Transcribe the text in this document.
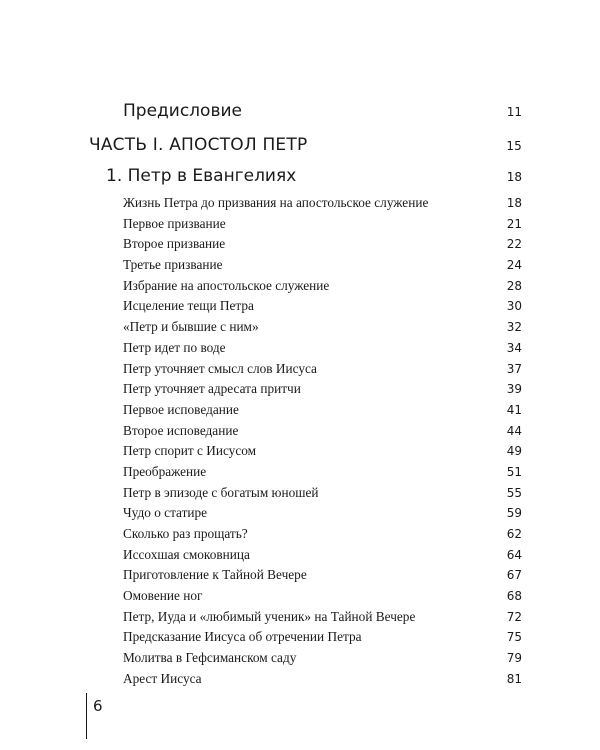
Предисловие	11
ЧАСТЬ I. АПОСТОЛ ПЕТР	15
1. Петр в Евангелиях	18
Жизнь Петра до призвания на апостольское служение	18
Первое призвание	21
Второе призвание	22
Третье призвание	24
Избрание на апостольское служение	28
Исцеление тещи Петра	30
«Петр и бывшие с ним»	32
Петр идет по воде	34
Петр уточняет смысл слов Иисуса	37
Петр уточняет адресата притчи	39
Первое исповедание	41
Второе исповедание	44
Петр спорит с Иисусом	49
Преображение	51
Петр в эпизоде с богатым юношей	55
Чудо о статире	59
Сколько раз прощать?	62
Иссохшая смоковница	64
Приготовление к Тайной Вечере	67
Омовение ног	68
Петр, Иуда и «любимый ученик» на Тайной Вечере	72
Предсказание Иисуса об отречении Петра	75
Молитва в Гефсиманском саду	79
Арест Иисуса	81
6
